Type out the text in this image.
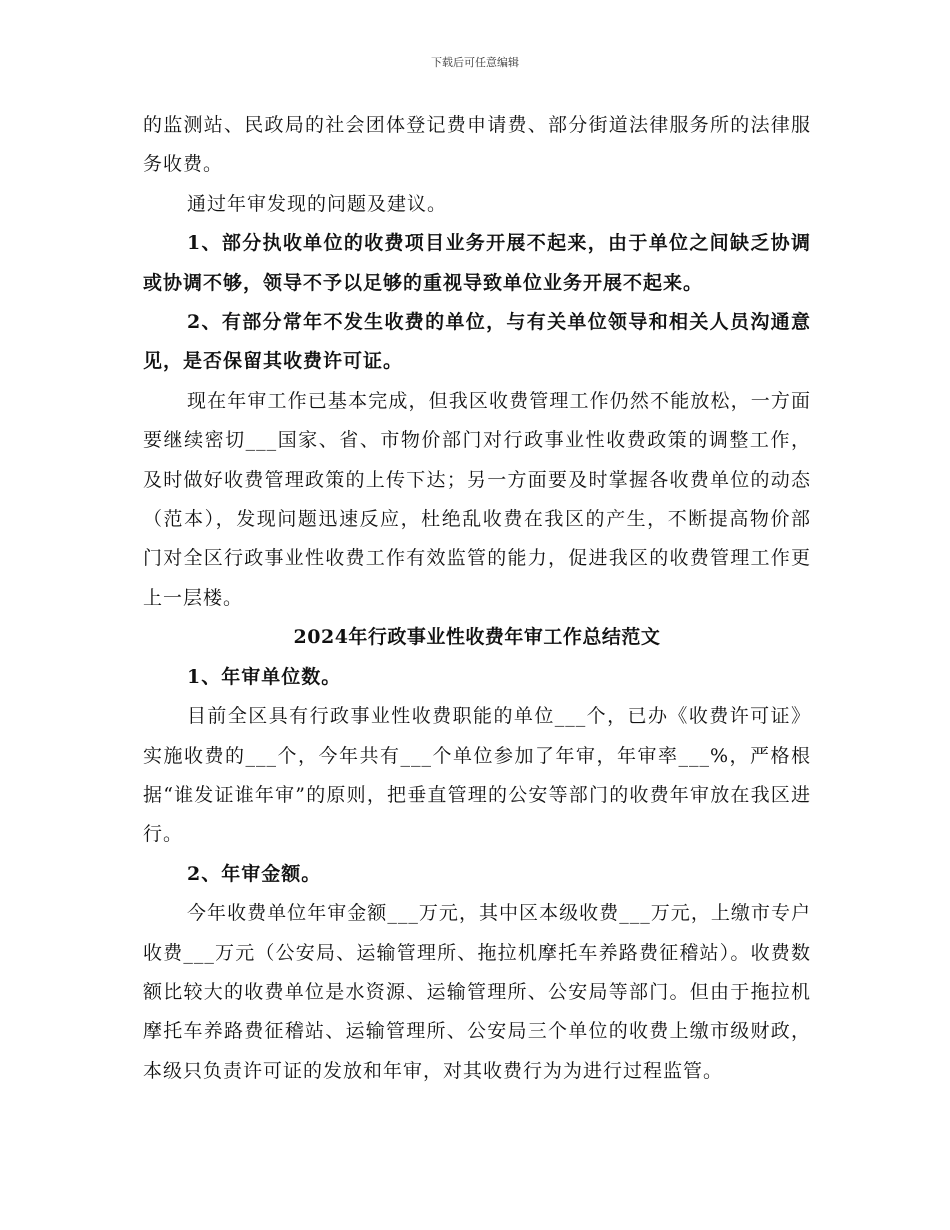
下载后可任意编辑

的监测站、民政局的社会团体登记费申请费、部分街道法律服务所的法律服务收费。

通过年审发现的问题及建议。

1、部分执收单位的收费项目业务开展不起来，由于单位之间缺乏协调或协调不够，领导不予以足够的重视导致单位业务开展不起来。

2、有部分常年不发生收费的单位，与有关单位领导和相关人员沟通意见，是否保留其收费许可证。

现在年审工作已基本完成，但我区收费管理工作仍然不能放松，一方面要继续密切___国家、省、市物价部门对行政事业性收费政策的调整工作，及时做好收费管理政策的上传下达；另一方面要及时掌握各收费单位的动态（范本），发现问题迅速反应，杜绝乱收费在我区的产生，不断提高物价部门对全区行政事业性收费工作有效监管的能力，促进我区的收费管理工作更上一层楼。

2024年行政事业性收费年审工作总结范文

1、年审单位数。

目前全区具有行政事业性收费职能的单位___个，已办《收费许可证》实施收费的___个，今年共有___个单位参加了年审，年审率___%，严格根据“谁发证谁年审”的原则，把垂直管理的公安等部门的收费年审放在我区进行。

2、年审金额。

今年收费单位年审金额___万元，其中区本级收费___万元，上缴市专户收费___万元（公安局、运输管理所、拖拉机摩托车养路费征稽站）。收费数额比较大的收费单位是水资源、运输管理所、公安局等部门。但由于拖拉机摩托车养路费征稽站、运输管理所、公安局三个单位的收费上缴市级财政，本级只负责许可证的发放和年审，对其收费行为为进行过程监管。
